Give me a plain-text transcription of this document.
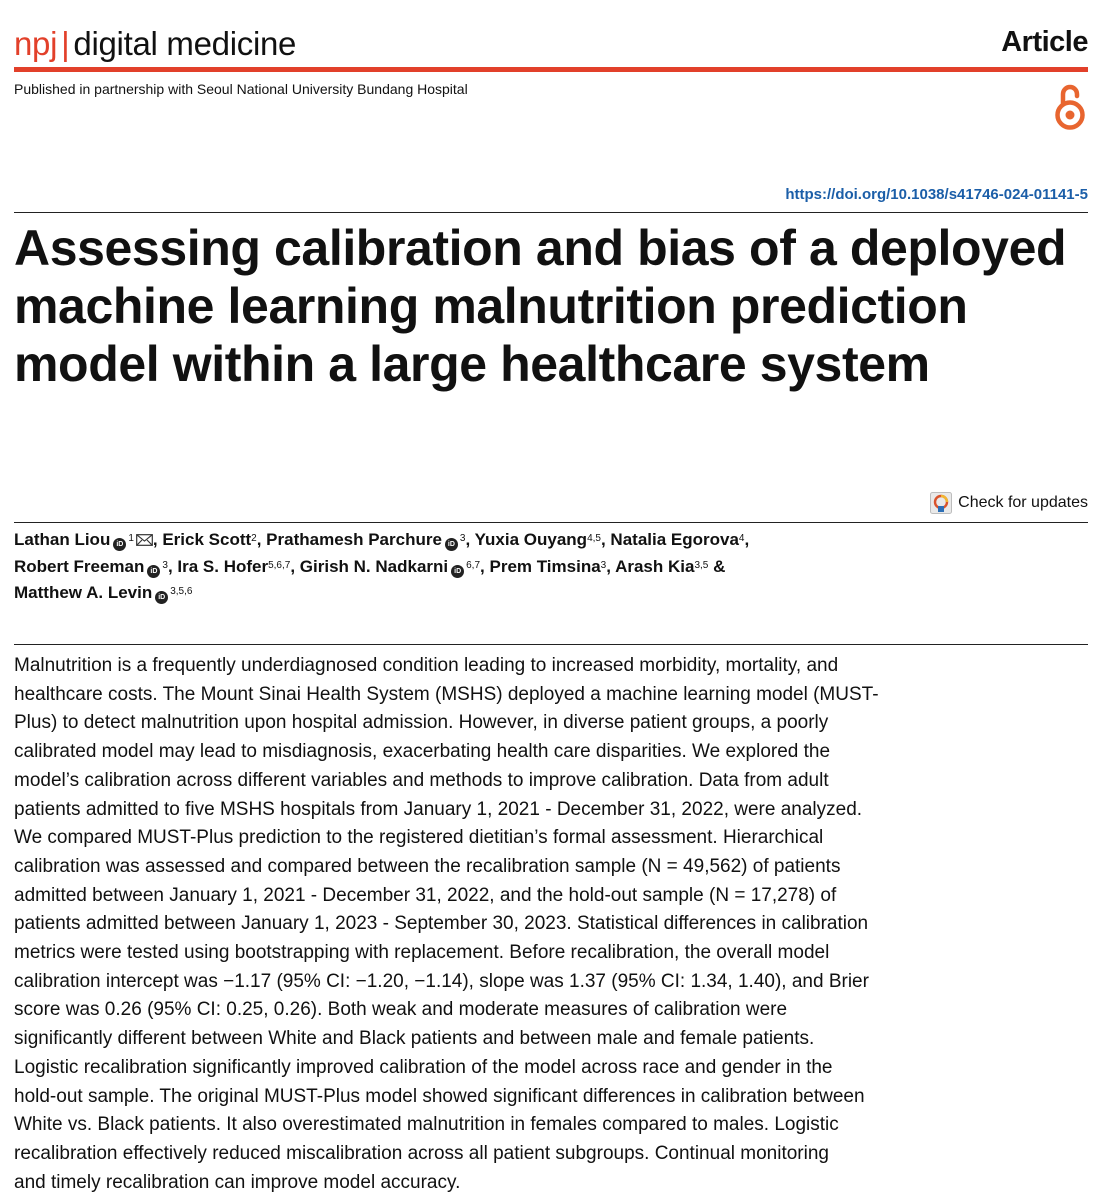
npj | digital medicine	Article
Published in partnership with Seoul National University Bundang Hospital
https://doi.org/10.1038/s41746-024-01141-5
Assessing calibration and bias of a deployed machine learning malnutrition prediction model within a large healthcare system
Check for updates
Lathan Liou $iD^1$ , Erick Scott$^2$, Prathamesh Parchure $iD^3$, Yuxia Ouyang$^{4,5}$, Natalia Egorova$^4$,
Robert Freeman $iD^3$, Ira S. Hofer$^{5,6,7}$, Girish N. Nadkarni iD$^{6,7}$, Prem Timsina$^3$, Arash Kia$^{3,5}$ &
Matthew A. Levin iD$^{3,5,6}$

Malnutrition is a frequently underdiagnosed condition leading to increased morbidity, mortality, and
healthcare costs. The Mount Sinai Health System (MSHS) deployed a machine learning model (MUST-
Plus) to detect malnutrition upon hospital admission. However, in diverse patient groups, a poorly
calibrated model may lead to misdiagnosis, exacerbating health care disparities. We explored the
model’s calibration across different variables and methods to improve calibration. Data from adult
patients admitted to five MSHS hospitals from January 1, 2021 - December 31, 2022, were analyzed.
We compared MUST-Plus prediction to the registered dietitian’s formal assessment. Hierarchical
calibration was assessed and compared between the recalibration sample (N = 49,562) of patients
admitted between January 1, 2021 - December 31, 2022, and the hold-out sample (N = 17,278) of
patients admitted between January 1, 2023 - September 30, 2023. Statistical differences in calibration
metrics were tested using bootstrapping with replacement. Before recalibration, the overall model
calibration intercept was −1.17 (95% CI: −1.20, −1.14), slope was 1.37 (95% CI: 1.34, 1.40), and Brier
score was 0.26 (95% CI: 0.25, 0.26). Both weak and moderate measures of calibration were
significantly different between White and Black patients and between male and female patients.
Logistic recalibration significantly improved calibration of the model across race and gender in the
hold-out sample. The original MUST-Plus model showed significant differences in calibration between
White vs. Black patients. It also overestimated malnutrition in females compared to males. Logistic
recalibration effectively reduced miscalibration across all patient subgroups. Continual monitoring
and timely recalibration can improve model accuracy.
